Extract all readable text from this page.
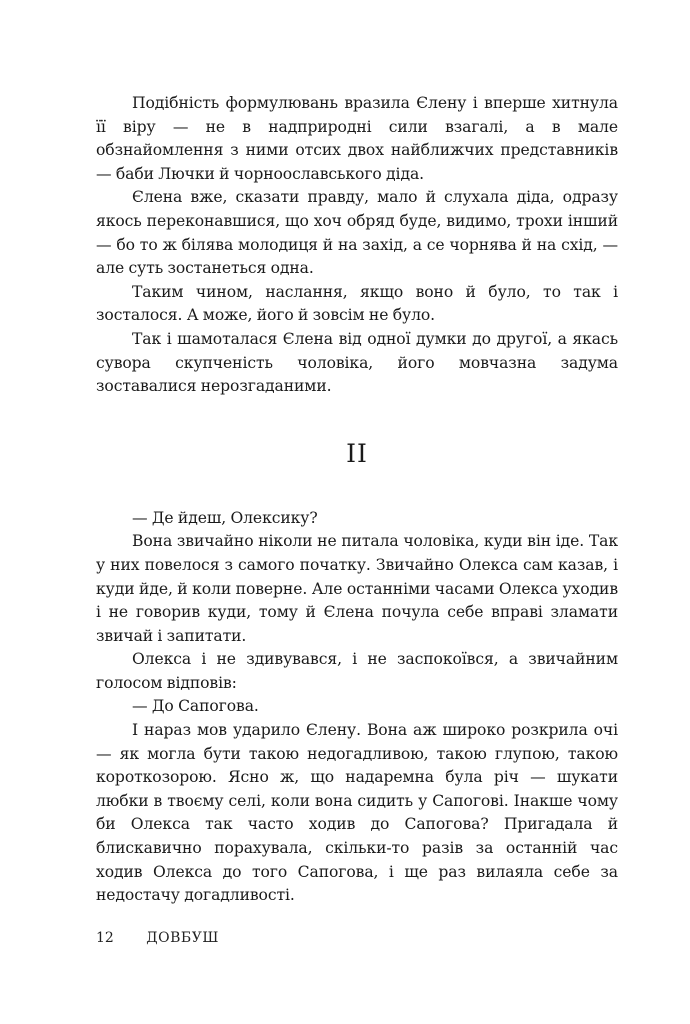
Подібність формулювань вразила Єлену і вперше хитнула її віру — не в надприродні сили взагалі, а в мале обзнайомлення з ними отсих двох найближчих представників — баби Лючки й чорноославського діда.

Єлена вже, сказати правду, мало й слухала діда, одразу якось переконавшися, що хоч обряд буде, видимо, трохи інший — бо то ж білява молодиця й на захід, а се чорнява й на схід, — але суть зостанеться одна.

Таким чином, наслання, якщо воно й було, то так і зосталося. А може, його й зовсім не було.

Так і шамоталася Єлена від одної думки до другої, а якась сувора скупченість чоловіка, його мовчазна задума зоставалися нерозгаданими.

II

— Де йдеш, Олексику?

Вона звичайно ніколи не питала чоловіка, куди він іде. Так у них повелося з самого початку. Звичайно Олекса сам казав, і куди йде, й коли поверне. Але останніми часами Олекса уходив і не говорив куди, тому й Єлена почула себе вправі зламати звичай і запитати.

Олекса і не здивувався, і не заспокоївся, а звичайним голосом відповів:

— До Сапогова.

І нараз мов ударило Єлену. Вона аж широко розкрила очі — як могла бути такою недогадливою, такою глупою, такою короткозорою. Ясно ж, що надаремна була річ — шукати любки в твоєму селі, коли вона сидить у Сапогові. Інакше чому би Олекса так часто ходив до Сапогова? Пригадала й блискавично порахувала, скільки-то разів за останній час ходив Олекса до того Сапогова, і ще раз вилаяла себе за недостачу догадливості.

12 ДОВБУШ
